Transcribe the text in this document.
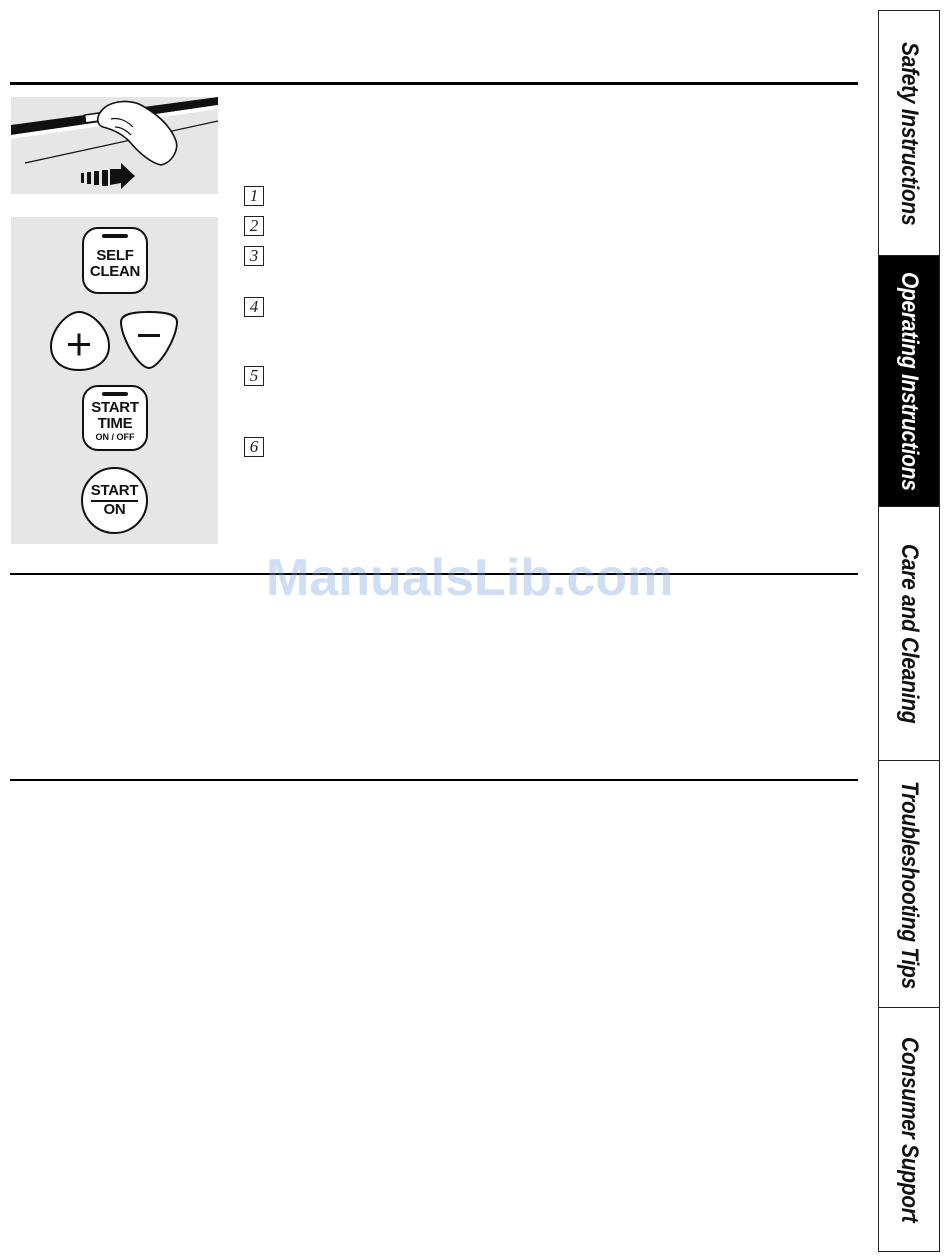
SELF
CLEAN
START
TIME
ON / OFF
START
ON
1
2
3
4
5
6
ManualsLib.com
Safety Instructions
Operating Instructions
Care and Cleaning
Troubleshooting Tips
Consumer Support
